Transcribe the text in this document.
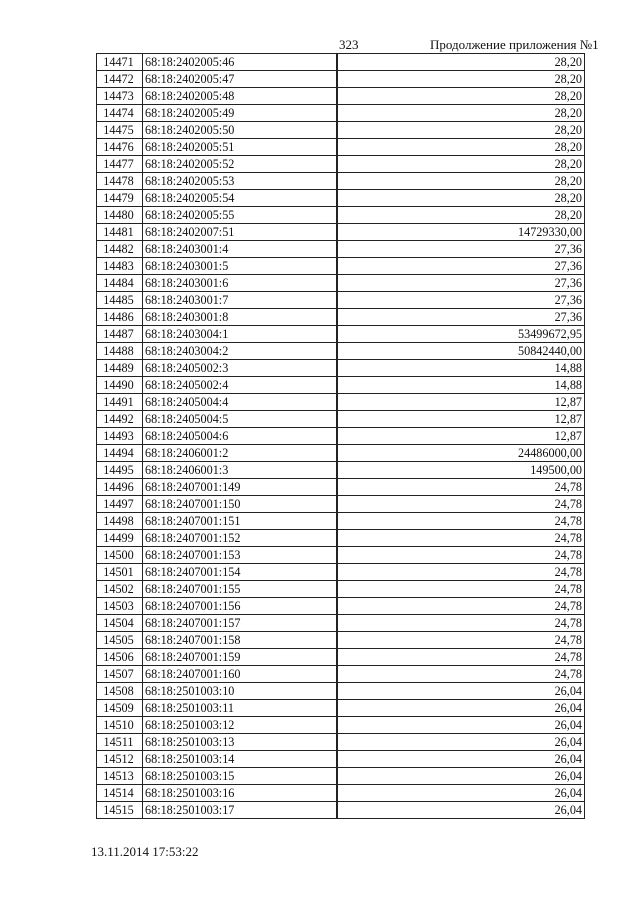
323	Продолжение приложения №1
14471	68:18:2402005:46	28,20
14472	68:18:2402005:47	28,20
14473	68:18:2402005:48	28,20
14474	68:18:2402005:49	28,20
14475	68:18:2402005:50	28,20
14476	68:18:2402005:51	28,20
14477	68:18:2402005:52	28,20
14478	68:18:2402005:53	28,20
14479	68:18:2402005:54	28,20
14480	68:18:2402005:55	28,20
14481	68:18:2402007:51	14729330,00
14482	68:18:2403001:4	27,36
14483	68:18:2403001:5	27,36
14484	68:18:2403001:6	27,36
14485	68:18:2403001:7	27,36
14486	68:18:2403001:8	27,36
14487	68:18:2403004:1	53499672,95
14488	68:18:2403004:2	50842440,00
14489	68:18:2405002:3	14,88
14490	68:18:2405002:4	14,88
14491	68:18:2405004:4	12,87
14492	68:18:2405004:5	12,87
14493	68:18:2405004:6	12,87
14494	68:18:2406001:2	24486000,00
14495	68:18:2406001:3	149500,00
14496	68:18:2407001:149	24,78
14497	68:18:2407001:150	24,78
14498	68:18:2407001:151	24,78
14499	68:18:2407001:152	24,78
14500	68:18:2407001:153	24,78
14501	68:18:2407001:154	24,78
14502	68:18:2407001:155	24,78
14503	68:18:2407001:156	24,78
14504	68:18:2407001:157	24,78
14505	68:18:2407001:158	24,78
14506	68:18:2407001:159	24,78
14507	68:18:2407001:160	24,78
14508	68:18:2501003:10	26,04
14509	68:18:2501003:11	26,04
14510	68:18:2501003:12	26,04
14511	68:18:2501003:13	26,04
14512	68:18:2501003:14	26,04
14513	68:18:2501003:15	26,04
14514	68:18:2501003:16	26,04
14515	68:18:2501003:17	26,04
13.11.2014 17:53:22
